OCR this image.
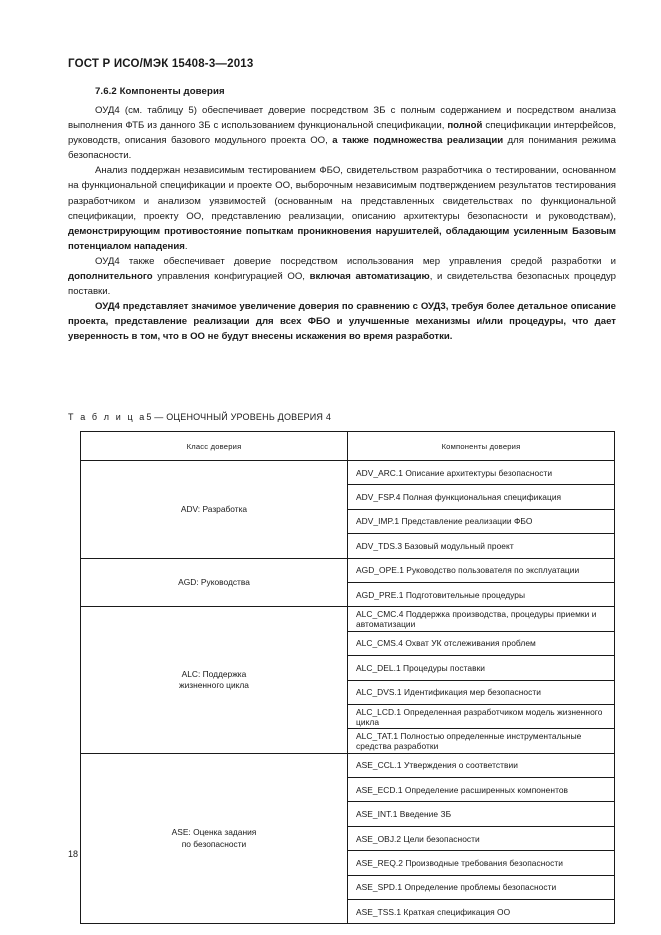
ГОСТ Р ИСО/МЭК 15408-3—2013
7.6.2 Компоненты доверия

ОУД4 (см. таблицу 5) обеспечивает доверие посредством ЗБ с полным содержанием и посредством анализа выполнения ФТБ из данного ЗБ с использованием функциональной спецификации, полной спецификации интерфейсов, руководств, описания базового модульного проекта ОО, а также подмножества реализации для понимания режима безопасности.

Анализ поддержан независимым тестированием ФБО, свидетельством разработчика о тестировании, основанном на функциональной спецификации и проекте ОО, выборочным независимым подтверждением результатов тестирования разработчиком и анализом уязвимостей (основанным на представленных свидетельствах по функциональной спецификации, проекту ОО, представлению реализации, описанию архитектуры безопасности и руководствам), демонстрирующим противостояние попыткам проникновения нарушителей, обладающим усиленным Базовым потенциалом нападения.

ОУД4 также обеспечивает доверие посредством использования мер управления средой разработки и дополнительного управления конфигурацией ОО, включая автоматизацию, и свидетельства безопасных процедур поставки.

ОУД4 представляет значимое увеличение доверия по сравнению с ОУД3, требуя более детальное описание проекта, представление реализации для всех ФБО и улучшенные механизмы и/или процедуры, что дает уверенность в том, что в ОО не будут внесены искажения во время разработки.

Т а б л и ц а5 — ОЦЕНОЧНЫЙ УРОВЕНЬ ДОВЕРИЯ 4
Класс доверия	Компоненты доверия
ADV: Разработка	ADV_ARC.1 Описание архитектуры безопасности
	ADV_FSP.4 Полная функциональная спецификация
	ADV_IMP.1 Представление реализации ФБО
	ADV_TDS.3 Базовый модульный проект
AGD: Руководства	AGD_OPE.1 Руководство пользователя по эксплуатации
	AGD_PRE.1 Подготовительные процедуры
ALC: Поддержка
жизненного цикла	ALC_CMC.4 Поддержка производства, процедуры приемки и автоматизации
	ALC_CMS.4 Охват УК отслеживания проблем
	ALC_DEL.1 Процедуры поставки
	ALC_DVS.1 Идентификация мер безопасности
	ALC_LCD.1 Определенная разработчиком модель жизненного цикла
	ALC_TAT.1 Полностью определенные инструментальные средства разработки
ASE: Оценка задания
по безопасности	ASE_CCL.1 Утверждения о соответствии
	ASE_ECD.1 Определение расширенных компонентов
	ASE_INT.1 Введение ЗБ
	ASE_OBJ.2 Цели безопасности
	ASE_REQ.2 Производные требования безопасности
	ASE_SPD.1 Определение проблемы безопасности
	ASE_TSS.1 Краткая спецификация ОО
18
